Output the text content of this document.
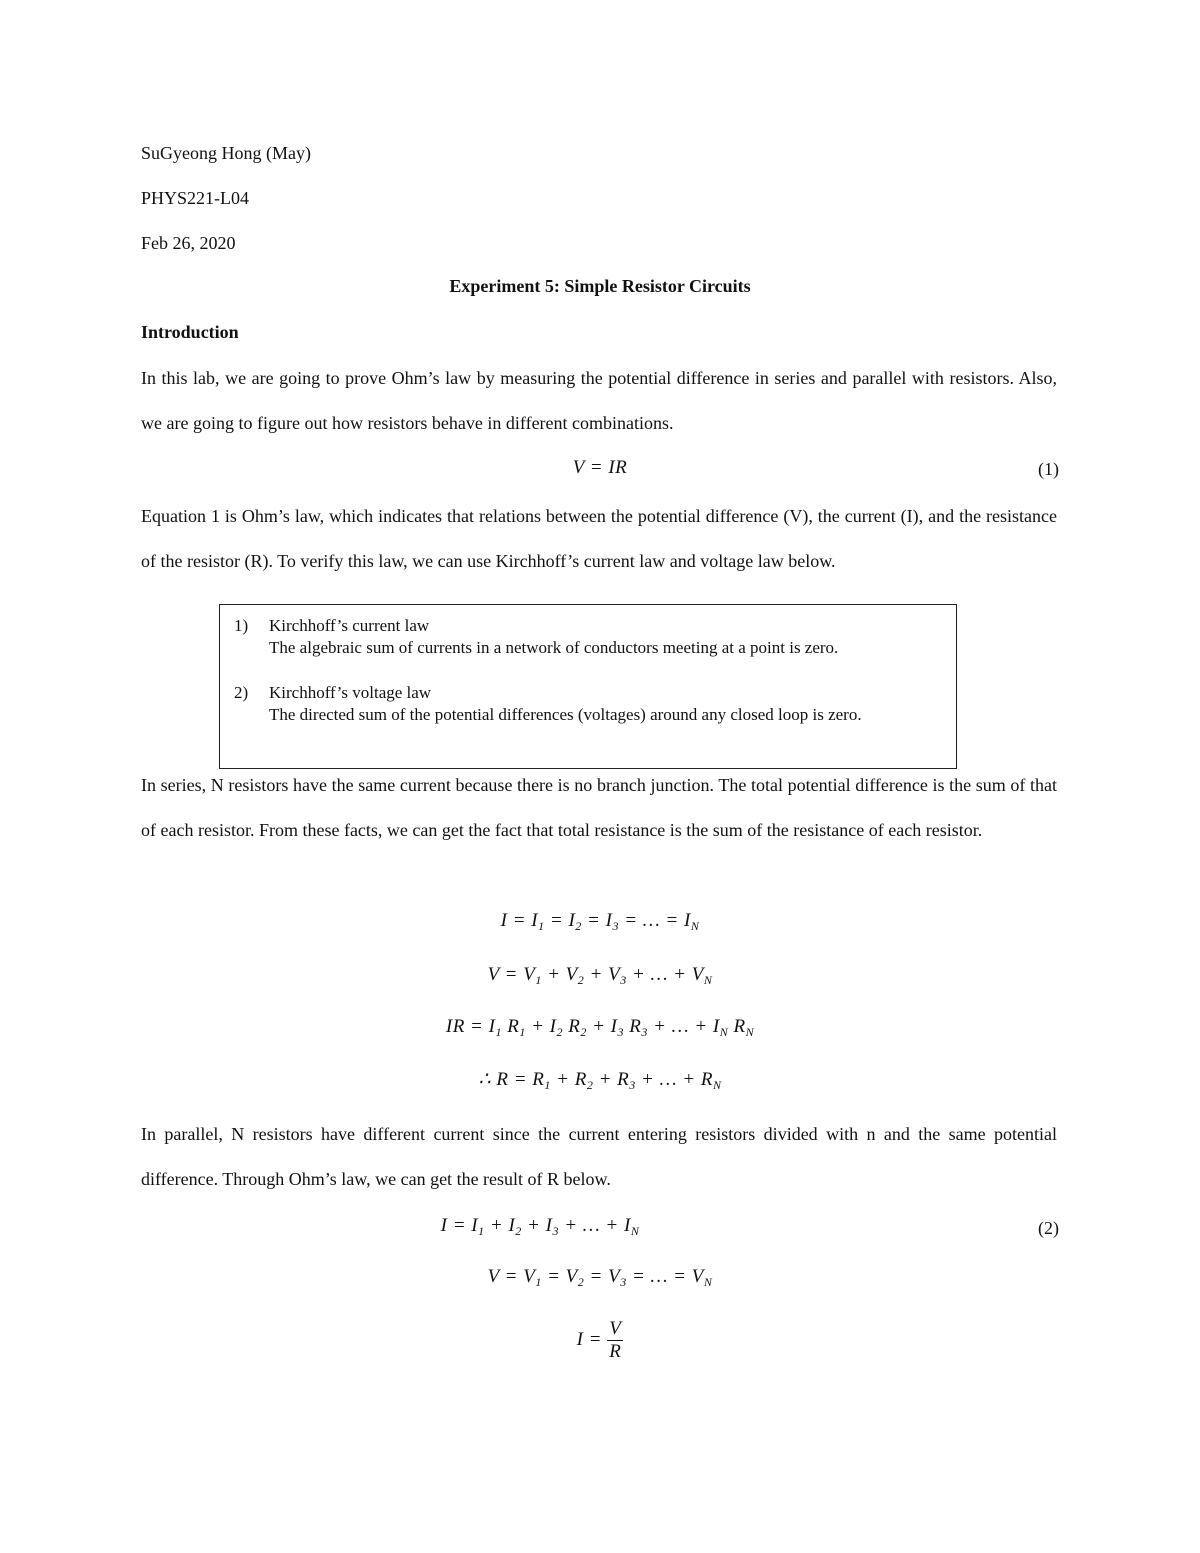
SuGyeong Hong (May)
PHYS221-L04
Feb 26, 2020
Experiment 5: Simple Resistor Circuits
Introduction
In this lab, we are going to prove Ohm’s law by measuring the potential difference in series and parallel with resistors. Also, we are going to figure out how resistors behave in different combinations.
V = IR	(1)
Equation 1 is Ohm’s law, which indicates that relations between the potential difference (V), the current (I), and the resistance of the resistor (R). To verify this law, we can use Kirchhoff’s current law and voltage law below.
1) Kirchhoff’s current law
The algebraic sum of currents in a network of conductors meeting at a point is zero.
2) Kirchhoff’s voltage law
The directed sum of the potential differences (voltages) around any closed loop is zero.
In series, N resistors have the same current because there is no branch junction. The total potential difference is the sum of that of each resistor. From these facts, we can get the fact that total resistance is the sum of the resistance of each resistor.
$I = I_1 = I_2 = I_3$ = … = $I_N$
$V = V_1 + V_2 + V_3$ + … + $V_N$
IR = $I_1$ $R_1 + I_2$ $R_2 + I_3$ $R_3$ + … + $I_N$ $R_N$
∴ $R = R_1 + R_2 + R_3$ + … + $R_N$
In parallel, N resistors have different current since the current entering resistors divided with n and the same potential difference. Through Ohm’s law, we can get the result of R below.
$I = I_1 + I_2 + I_3$ + … + $I_N$	(2)
$V = V_1 = V_2 = V_3$ = … = $V_N$
$I = \frac{V}{R}$
